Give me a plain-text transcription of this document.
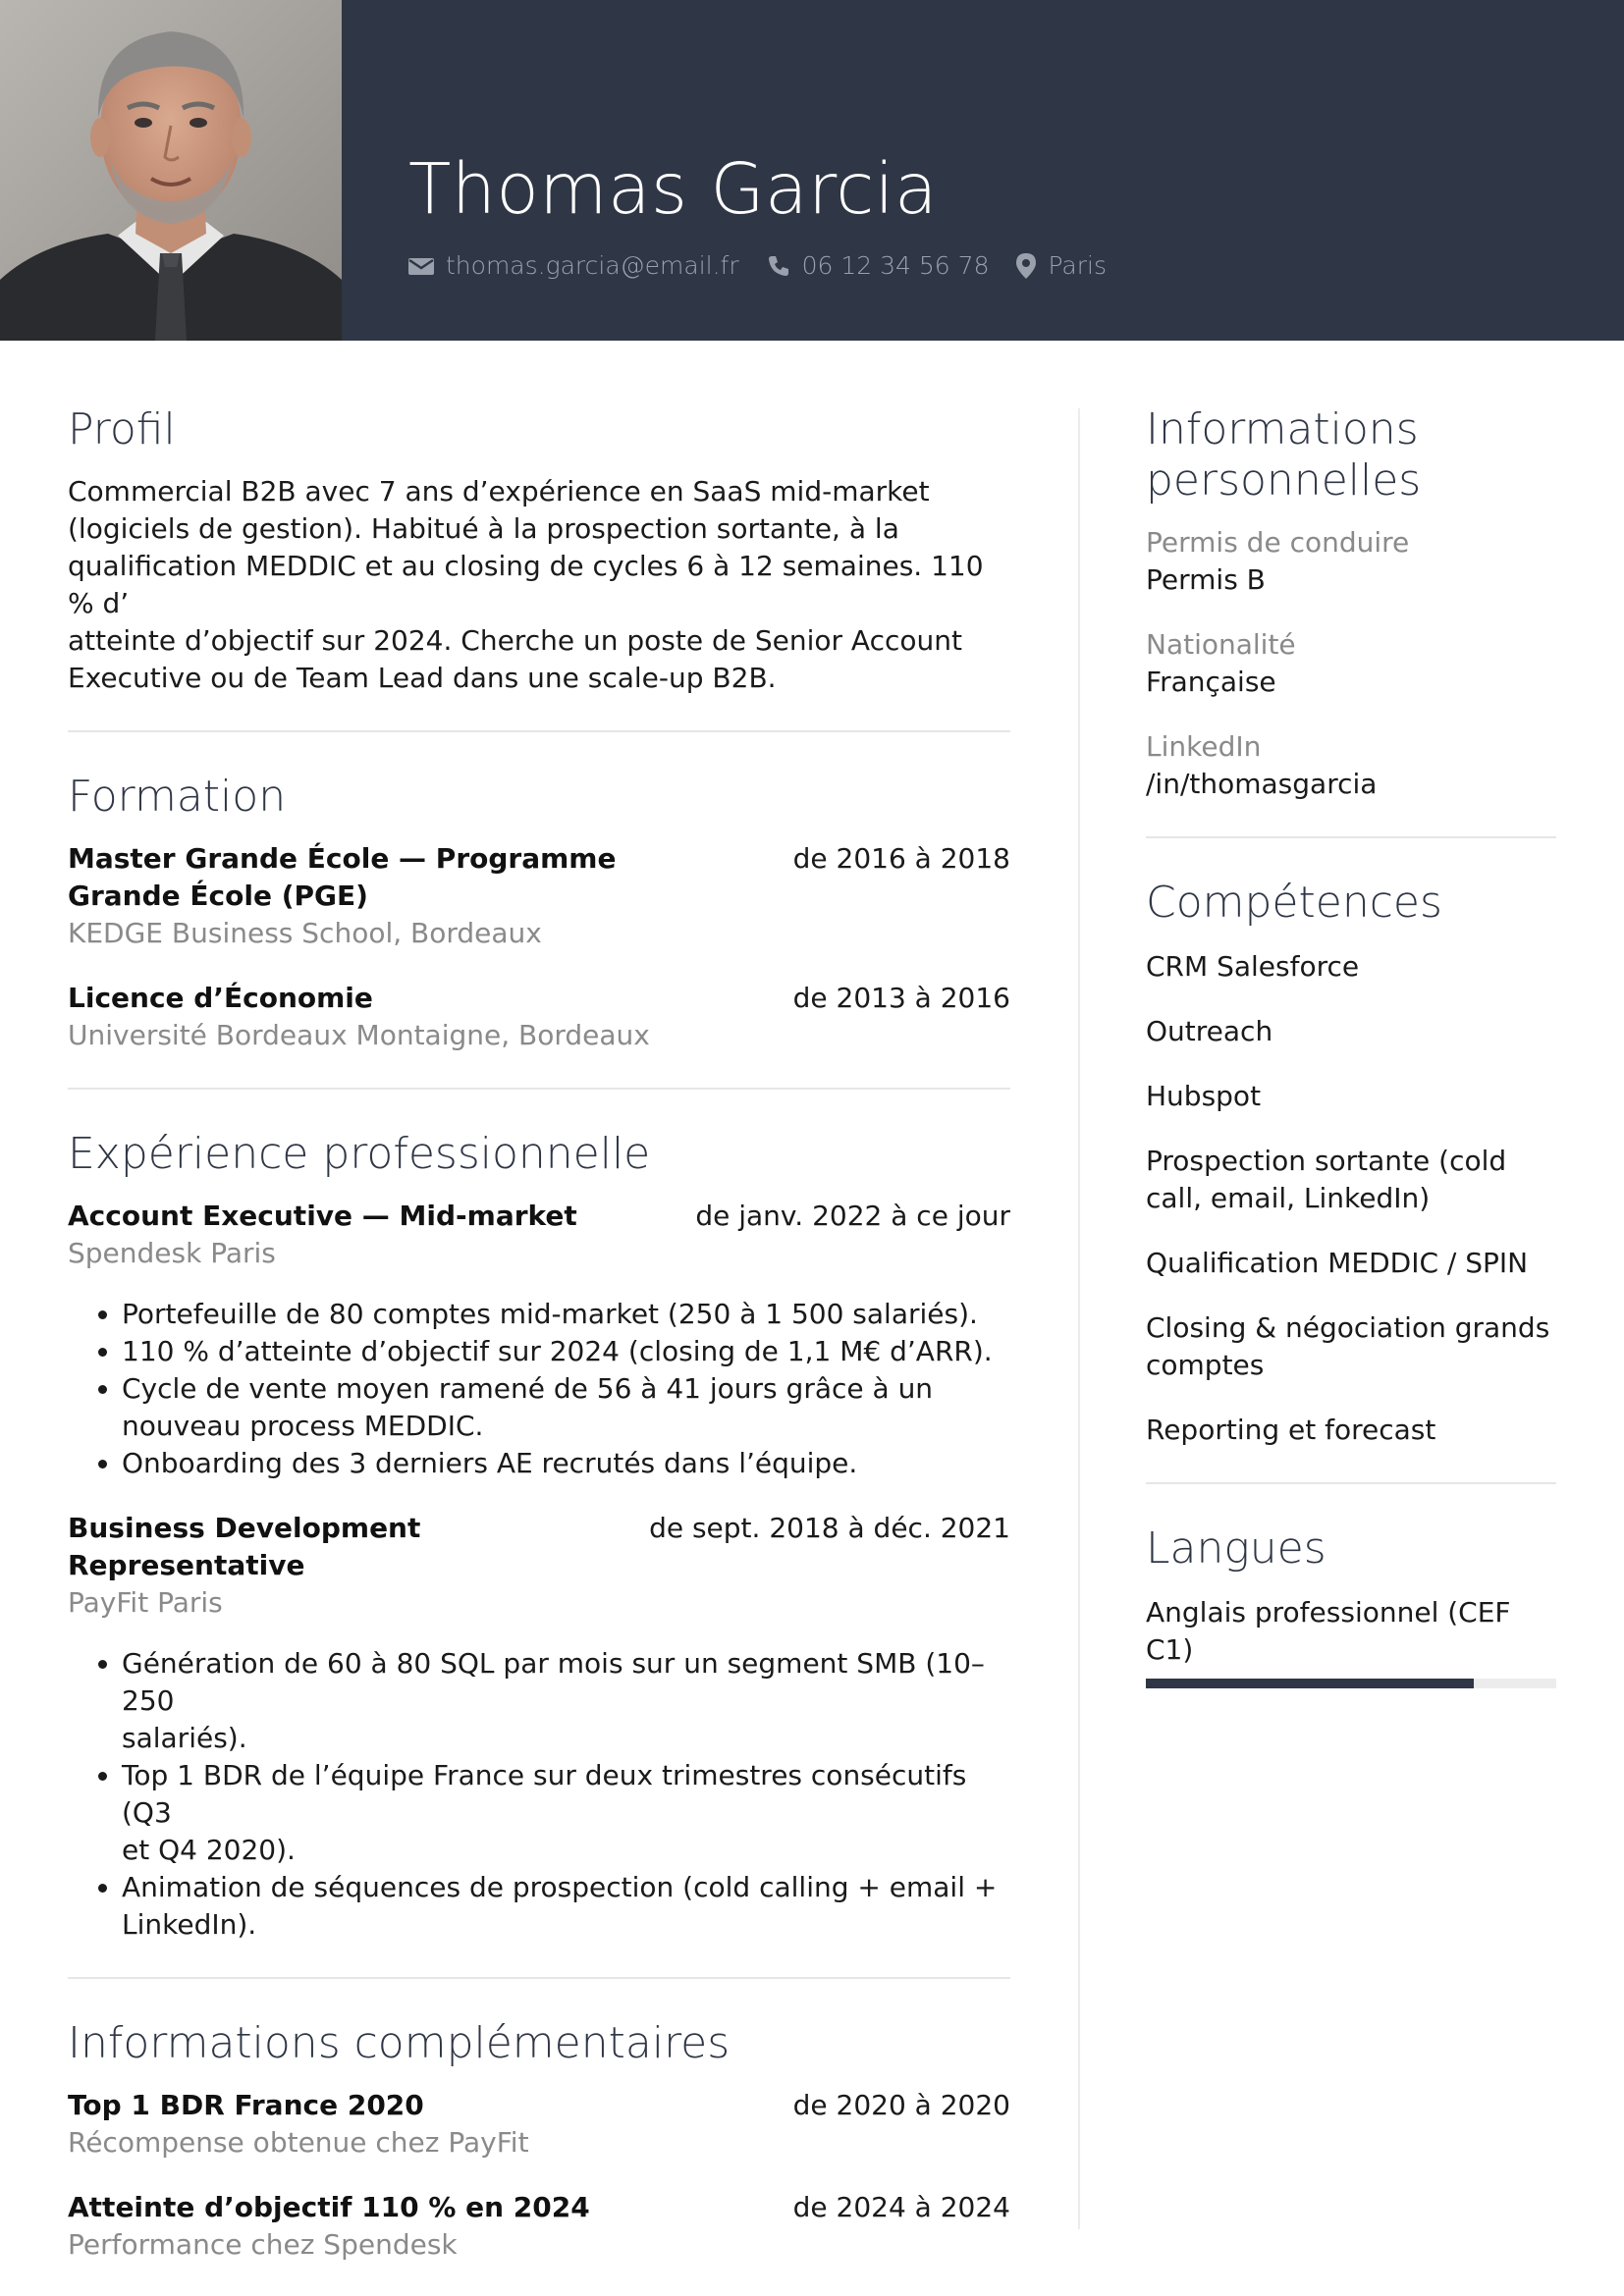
Thomas Garcia
thomas.garcia@email.fr	06 12 34 56 78 Paris
Profil
Commercial B2B avec 7 ans d’expérience en SaaS mid-market
(logiciels de gestion). Habitué à la prospection sortante, à la
qualification MEDDIC et au closing de cycles 6 à 12 semaines. 110 % d’
atteinte d’objectif sur 2024. Cherche un poste de Senior Account
Executive ou de Team Lead dans une scale-up B2B.
Formation
Master Grande École — Programme
Grande École (PGE)
de 2016 à 2018
KEDGE Business School, Bordeaux
Licence d’Économie	de 2013 à 2016
Université Bordeaux Montaigne, Bordeaux
Expérience professionnelle
Account Executive — Mid-market	de janv. 2022 à ce jour
Spendesk Paris
• Portefeuille de 80 comptes mid-market (250 à 1 500 salariés).
• 110 % d’atteinte d’objectif sur 2024 (closing de 1,1 M€ d’ARR).
• Cycle de vente moyen ramené de 56 à 41 jours grâce à un
nouveau process MEDDIC.
• Onboarding des 3 derniers AE recrutés dans l’équipe.
Business Development Representative
de sept. 2018 à déc. 2021
PayFit Paris
• Génération de 60 à 80 SQL par mois sur un segment SMB (10–250
salariés).
• Top 1 BDR de l’équipe France sur deux trimestres consécutifs (Q3
et Q4 2020).
• Animation de séquences de prospection (cold calling + email +
LinkedIn).
Informations complémentaires
Top 1 BDR France 2020	de 2020 à 2020
Récompense obtenue chez PayFit
Atteinte d’objectif 110 % en 2024	de 2024 à 2024
Performance chez Spendesk
Informations
personnelles
Permis de conduire
Permis B
Nationalité
Française
LinkedIn
/in/thomasgarcia
Compétences
CRM Salesforce
Outreach
Hubspot
Prospection sortante (cold
call, email, LinkedIn)
Qualification MEDDIC / SPIN
Closing & négociation grands
comptes
Reporting et forecast
Langues
Anglais professionnel (CEF C1)
